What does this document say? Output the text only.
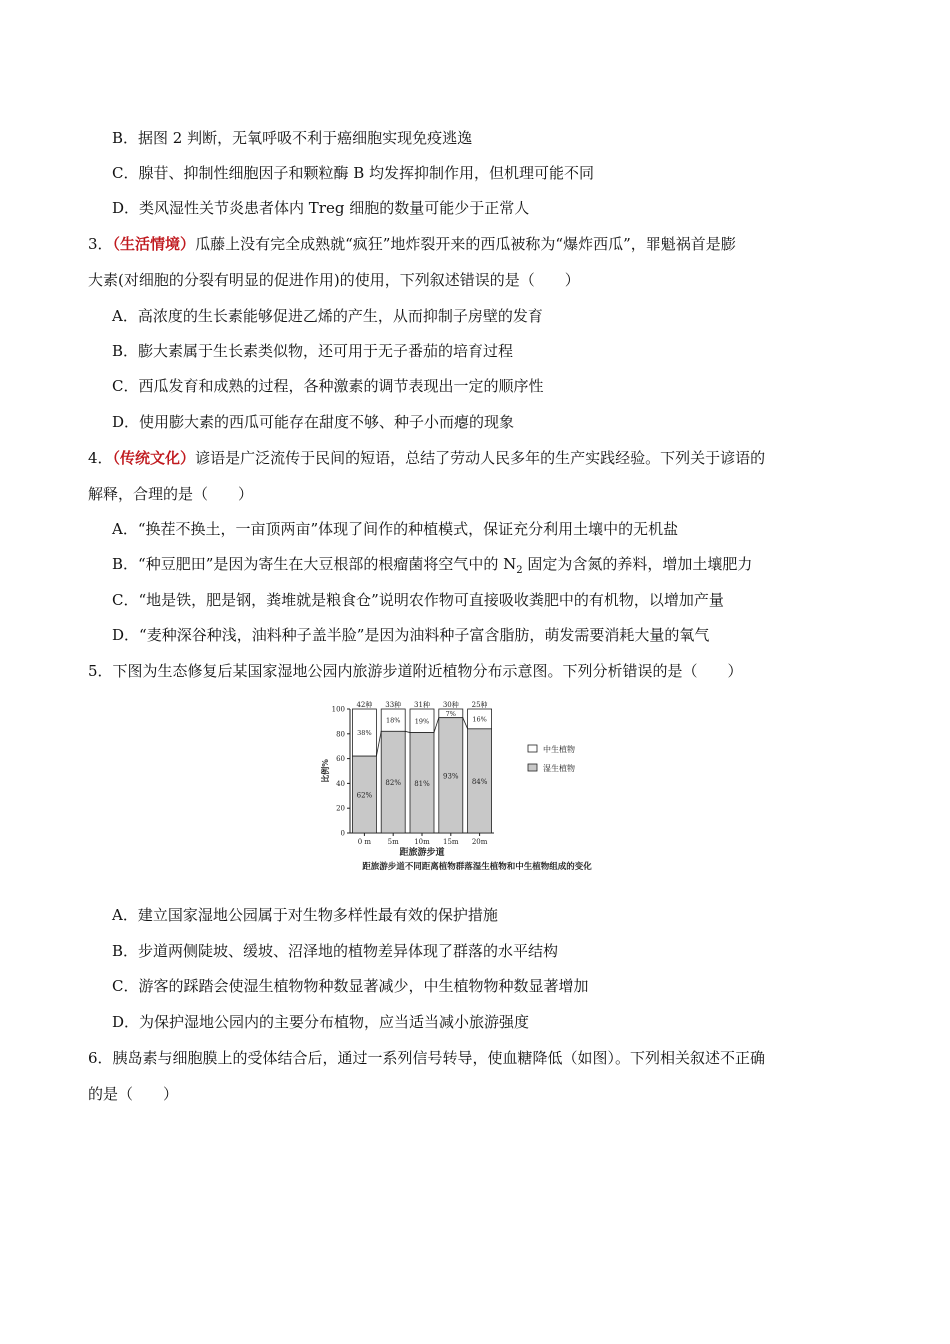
B．据图 2 判断，无氧呼吸不利于癌细胞实现免疫逃逸
C．腺苷、抑制性细胞因子和颗粒酶 B 均发挥抑制作用，但机理可能不同
D．类风湿性关节炎患者体内 Treg 细胞的数量可能少于正常人
3．（生活情境）瓜藤上没有完全成熟就“疯狂”地炸裂开来的西瓜被称为“爆炸西瓜”，罪魁祸首是膨
大素(对细胞的分裂有明显的促进作用)的使用，下列叙述错误的是（　　）
A．高浓度的生长素能够促进乙烯的产生，从而抑制子房壁的发育
B．膨大素属于生长素类似物，还可用于无子番茄的培育过程
C．西瓜发育和成熟的过程，各种激素的调节表现出一定的顺序性
D．使用膨大素的西瓜可能存在甜度不够、种子小而瘪的现象
4．（传统文化）谚语是广泛流传于民间的短语，总结了劳动人民多年的生产实践经验。下列关于谚语的
解释，合理的是（　　）
A．“换茬不换土，一亩顶两亩”体现了间作的种植模式，保证充分利用土壤中的无机盐
B．“种豆肥田”是因为寄生在大豆根部的根瘤菌将空气中的 $N_2$ 固定为含氮的养料，增加土壤肥力
C．“地是铁，肥是钢，粪堆就是粮食仓”说明农作物可直接吸收粪肥中的有机物，以增加产量
D．“麦种深谷种浅，油料种子盖半脸”是因为油料种子富含脂肪，萌发需要消耗大量的氧气
5．下图为生态修复后某国家湿地公园内旅游步道附近植物分布示意图。下列分析错误的是（　　）
0
20
40
60
80
100
比例%
62%
38%
42种
0 m
82%
18%
33种
5m
81%
19%
31种
10m
93%
7%
30种
15m
84%
16%
25种
20m
距旅游步道
距旅游步道不同距离植物群落湿生植物和中生植物组成的变化
中生植物
湿生植物
A．建立国家湿地公园属于对生物多样性最有效的保护措施
B．步道两侧陡坡、缓坡、沼泽地的植物差异体现了群落的水平结构
C．游客的踩踏会使湿生植物物种数显著减少，中生植物物种数显著增加
D．为保护湿地公园内的主要分布植物，应当适当减小旅游强度
6．胰岛素与细胞膜上的受体结合后，通过一系列信号转导，使血糖降低（如图）。下列相关叙述不正确
的是（　　）
